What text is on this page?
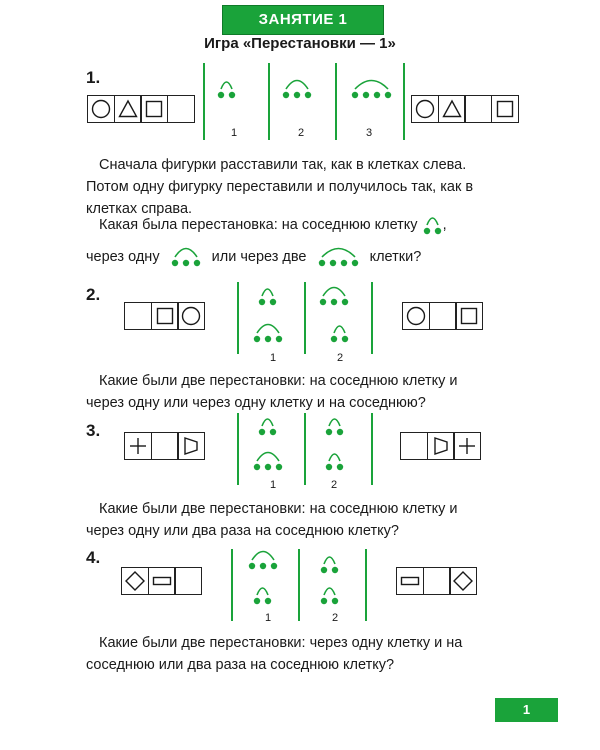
ЗАНЯТИЕ 1
Игра «Перестановки — 1»
1.
1	2	3

Сначала фигурки расставили так, как в клетках слева.

Потом одну фигурку переставили и получилось так, как в

клетках справа.

Какая была перестановка: на соседнюю клетку ,
через одну	или через две	клетки?
2.
1	2

Какие были две перестановки: на соседнюю клетку и

через одну или через одну клетку и на соседнюю?

3.
1	2

Какие были две перестановки: на соседнюю клетку и

через одну или два раза на соседнюю клетку?

4.
1	2

Какие были две перестановки: через одну клетку и на

соседнюю или два раза на соседнюю клетку?

1
